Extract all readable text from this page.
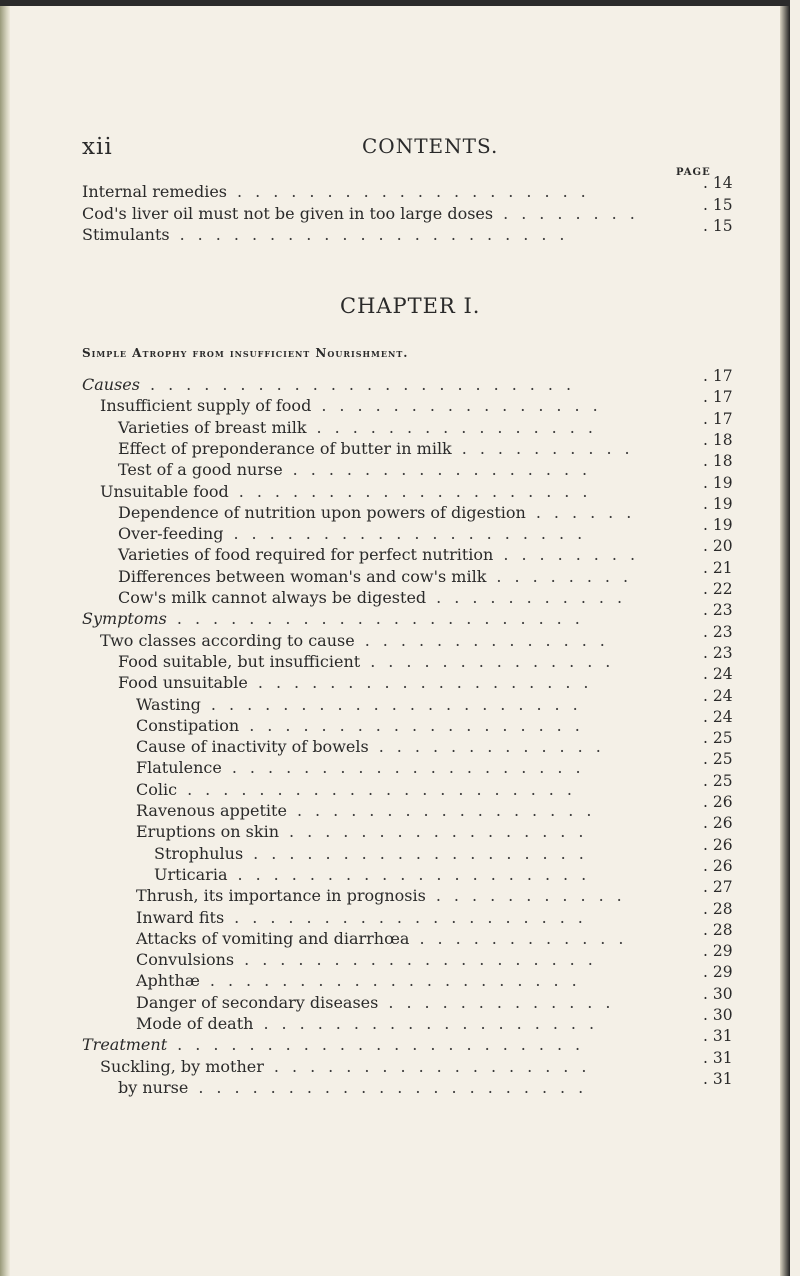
xii	CONTENTS.
PAGE
CHAPTER I.
Simple Atrophy from insufficient Nourishment.
Internal remedies	. 14
....................
Cod's liver oil must not be given in too large doses	. 15
........
Stimulants	. 15
......................
Causes	. 17
........................
Insufficient supply of food	. 17
................
Varieties of breast milk	. 17
................
Effect of preponderance of butter in milk	. 18
..........
Test of a good nurse	. 18
.................
Unsuitable food	. 19
....................
Dependence of nutrition upon powers of digestion	. 19
......
Over-feeding	. 19
....................
Varieties of food required for perfect nutrition	. 20
........
Differences between woman's and cow's milk	. 21
........
Cow's milk cannot always be digested	. 22
...........
Symptoms	. 23
.......................
Two classes according to cause	. 23
..............
Food suitable, but insufficient	. 23
..............
Food unsuitable	. 24
...................
Wasting	. 24
.....................
Constipation	. 24
...................
Cause of inactivity of bowels	. 25
.............
Flatulence	. 25
....................
Colic	. 25
......................
Ravenous appetite	. 26
.................
Eruptions on skin	. 26
.................
Strophulus	. 26
...................
Urticaria	. 26
....................
Thrush, its importance in prognosis	. 27
...........
Inward fits	. 28
....................
Attacks of vomiting and diarrhœa	. 28
............
Convulsions	. 29
....................
Aphthæ	. 29
.....................
Danger of secondary diseases	. 30
.............
Mode of death	. 30
...................
Treatment	. 31
.......................
Suckling, by mother	. 31
..................
by nurse	. 31
......................
